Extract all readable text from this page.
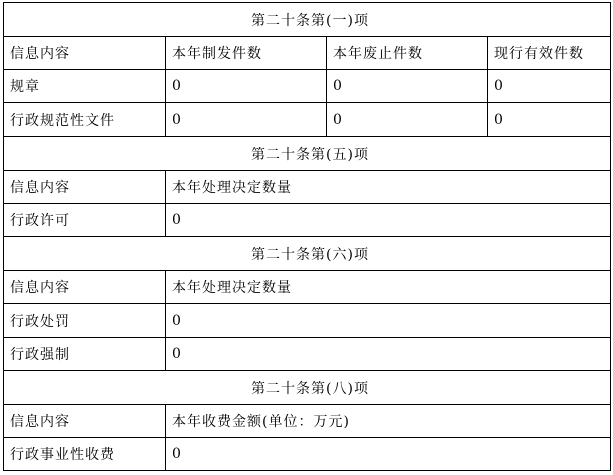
第二十条第(一)项			
信息内容	本年制发件数	本年废止件数	现行有效件数
规章	0	0	0
行政规范性文件	0	0	0
第二十条第(五)项			
信息内容	本年处理决定数量		
行政许可	0		
第二十条第(六)项			
信息内容	本年处理决定数量		
行政处罚	0		
行政强制	0		
第二十条第(八)项			
信息内容	本年收费金额(单位：万元)		
行政事业性收费	0		
